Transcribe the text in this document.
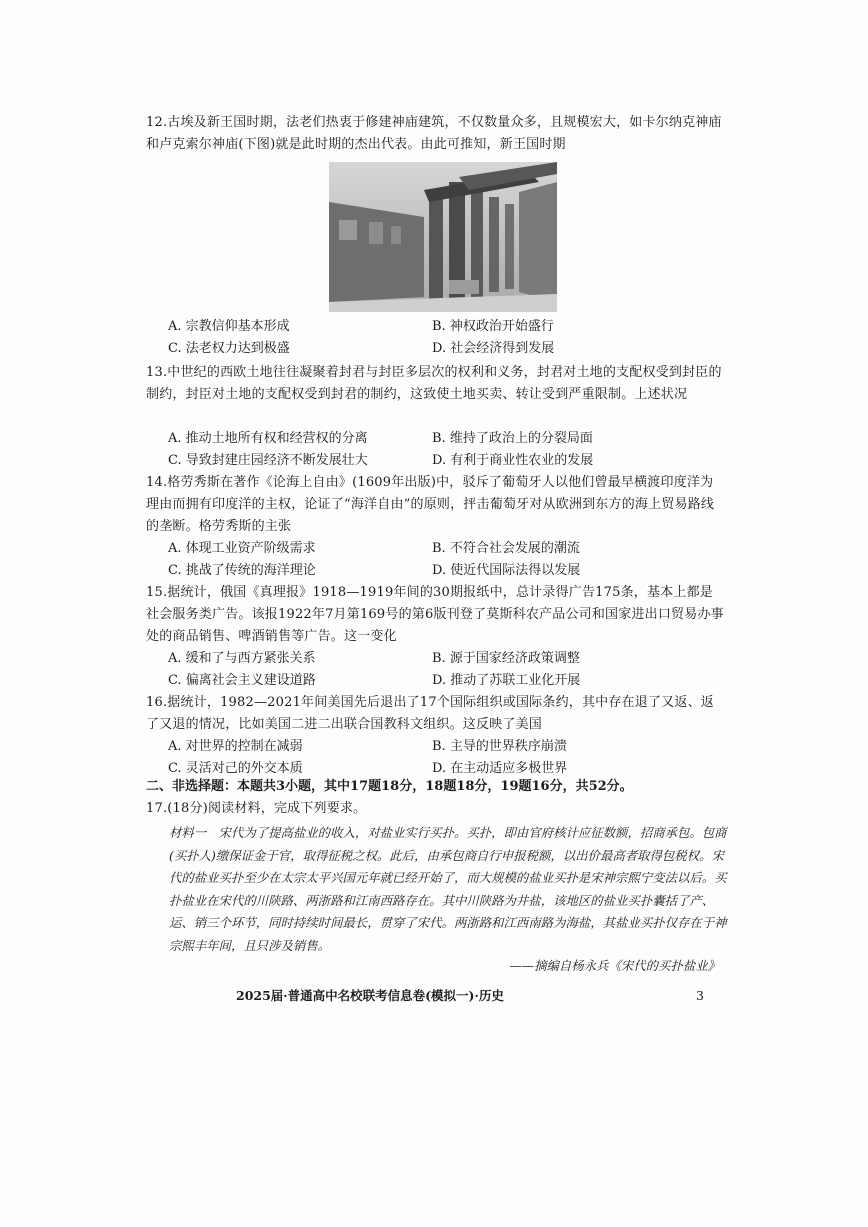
12.古埃及新王国时期，法老们热衷于修建神庙建筑，不仅数量众多，且规模宏大，如卡尔纳克神庙和卢克索尔神庙(下图)就是此时期的杰出代表。由此可推知，新王国时期
A. 宗教信仰基本形成	B. 神权政治开始盛行
C. 法老权力达到极盛	D. 社会经济得到发展
13.中世纪的西欧土地往往凝聚着封君与封臣多层次的权利和义务，封君对土地的支配权受到封臣的制约，封臣对土地的支配权受到封君的制约，这致使土地买卖、转让受到严重限制。上述状况
A. 推动土地所有权和经营权的分离	B. 维持了政治上的分裂局面
C. 导致封建庄园经济不断发展壮大	D. 有利于商业性农业的发展
14.格劳秀斯在著作《论海上自由》(1609年出版)中，驳斥了葡萄牙人以他们曾最早横渡印度洋为理由而拥有印度洋的主权，论证了“海洋自由”的原则，抨击葡萄牙对从欧洲到东方的海上贸易路线的垄断。格劳秀斯的主张
A. 体现工业资产阶级需求	B. 不符合社会发展的潮流
C. 挑战了传统的海洋理论	D. 使近代国际法得以发展
15.据统计，俄国《真理报》1918—1919年间的30期报纸中，总计录得广告175条，基本上都是社会服务类广告。该报1922年7月第169号的第6版刊登了莫斯科农产品公司和国家进出口贸易办事处的商品销售、啤酒销售等广告。这一变化
A. 缓和了与西方紧张关系	B. 源于国家经济政策调整
C. 偏离社会主义建设道路	D. 推动了苏联工业化开展
16.据统计，1982—2021年间美国先后退出了17个国际组织或国际条约，其中存在退了又返、返了又退的情况，比如美国二进二出联合国教科文组织。这反映了美国
A. 对世界的控制在减弱	B. 主导的世界秩序崩溃
C. 灵活对己的外交本质	D. 在主动适应多极世界
二、非选择题：本题共3小题，其中17题18分，18题18分，19题16分，共52分。
17.(18分)阅读材料，完成下列要求。
材料一　宋代为了提高盐业的收入，对盐业实行买扑。买扑，即由官府核计应征数额，招商承包。包商(买扑人)缴保证金于官，取得征税之权。此后，由承包商自行申报税额，以出价最高者取得包税权。宋代的盐业买扑至少在太宗太平兴国元年就已经开始了，而大规模的盐业买扑是宋神宗熙宁变法以后。买扑盐业在宋代的川陕路、两浙路和江南西路存在。其中川陕路为井盐，该地区的盐业买扑囊括了产、运、销三个环节，同时持续时间最长，贯穿了宋代。两浙路和江西南路为海盐，其盐业买扑仅存在于神宗熙丰年间，且只涉及销售。
——摘编自杨永兵《宋代的买扑盐业》
2025届·普通高中名校联考信息卷(模拟一)·历史	3
